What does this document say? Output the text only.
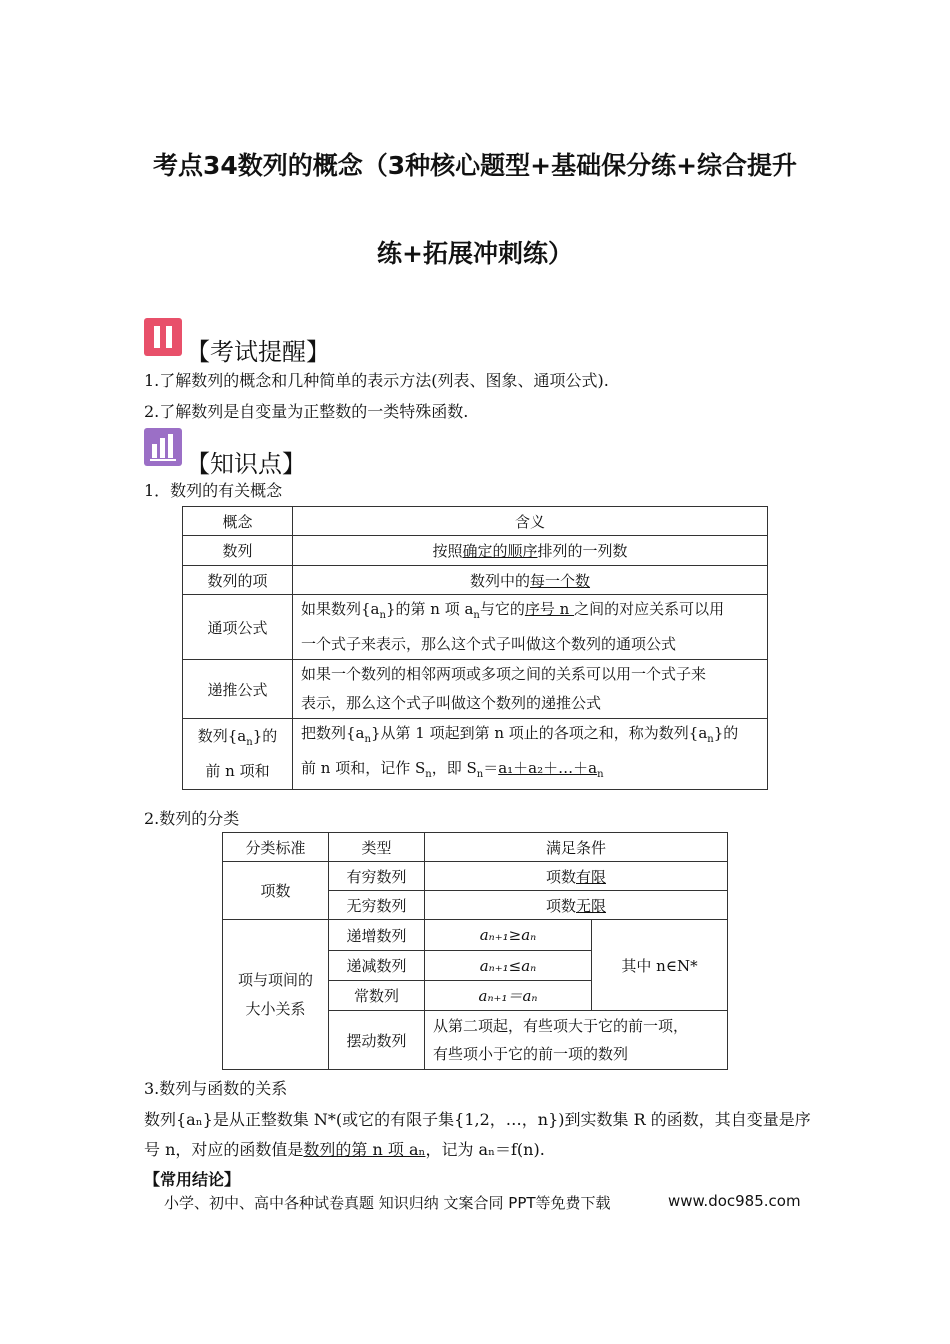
考点34数列的概念（3种核心题型+基础保分练+综合提升
练+拓展冲刺练）
【考试提醒】
1.了解数列的概念和几种简单的表示方法(列表、图象、通项公式).
2.了解数列是自变量为正整数的一类特殊函数.
【知识点】
1．数列的有关概念
概念	含义
数列	按照确定的顺序排列的一列数
数列的项	数列中的每一个数
通项公式	如果数列$\{a_n\}$的第 n 项 $a_n$与它的序号 n 之间的对应关系可以用
一个式子来表示，那么这个式子叫做这个数列的通项公式
递推公式	如果一个数列的相邻两项或多项之间的关系可以用一个式子来
表示，那么这个式子叫做这个数列的递推公式
数列$\{a_n\}$的
前 n 项和	把数列$\{a_n\}$从第 1 项起到第 n 项止的各项之和，称为数列$\{a_n\}$的
前 n 项和，记作 $S_n$，即 $S_n=a_1+a_2+\dots+a_n$
2.数列的分类
分类标准	类型	满足条件	
项数	有穷数列	项数有限	
	无穷数列	项数无限	
项与项间的
大小关系	递增数列	aₙ₊₁≥aₙ	其中 n∈N*
	递减数列	aₙ₊₁≤aₙ	
	常数列	aₙ₊₁＝aₙ	
	摆动数列	从第二项起，有些项大于它的前一项，
有些项小于它的前一项的数列	
3.数列与函数的关系
数列{aₙ}是从正整数集 N*(或它的有限子集{1,2，…，n})到实数集 R 的函数，其自变量是序
号 n，对应的函数值是数列的第 n 项 aₙ，记为 aₙ＝f(n).
【常用结论】
小学、初中、高中各种试卷真题 知识归纳 文案合同 PPT等免费下载	www.doc985.com
